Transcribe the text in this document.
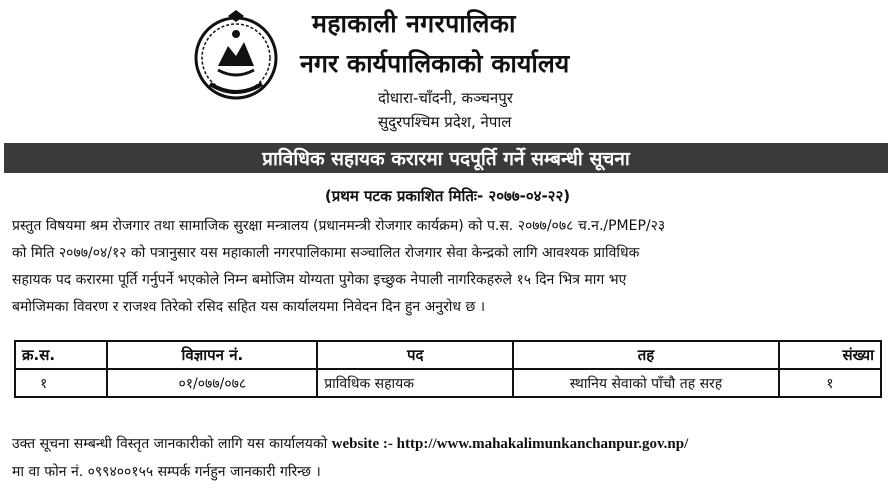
महाकाली नगरपालिका
नगर कार्यपालिकाको कार्यालय
दोधारा-चाँदनी, कञ्चनपुर
सुदुरपश्चिम प्रदेश, नेपाल
प्राविधिक सहायक करारमा पदपूर्ति गर्ने सम्बन्धी सूचना
(प्रथम पटक प्रकाशित मितिः- २०७७-०४-२२)
प्रस्तुत विषयमा श्रम रोजगार तथा सामाजिक सुरक्षा मन्त्रालय (प्रधानमन्त्री रोजगार कार्यक्रम) को प.स. २०७७/०७८ च.न./PMEP/२३
को मिति २०७७/०४/१२ को पत्रानुसार यस महाकाली नगरपालिकामा सञ्चालित रोजगार सेवा केन्द्रको लागि आवश्यक प्राविधिक
सहायक पद करारमा पूर्ति गर्नुपर्ने भएकोले निम्न बमोजिम योग्यता पुगेका इच्छुक नेपाली नागरिकहरुले १५ दिन भित्र माग भए
बमोजिमका विवरण र राजश्व तिरेको रसिद सहित यस कार्यालयमा निवेदन दिन हुन अनुरोध छ ।
क्र.स.	विज्ञापन नं.	पद	तह	संख्या
१	०१/०७७/०७८	प्राविधिक सहायक	स्थानिय सेवाको पाँचौ तह सरह	१
उक्त सूचना सम्बन्धी विस्तृत जानकारीको लागि यस कार्यालयको website :- http://www.mahakalimunkanchanpur.gov.np/
मा वा फोन नं. ०९९४००१५५ सम्पर्क गर्नहुन जानकारी गरिन्छ ।
